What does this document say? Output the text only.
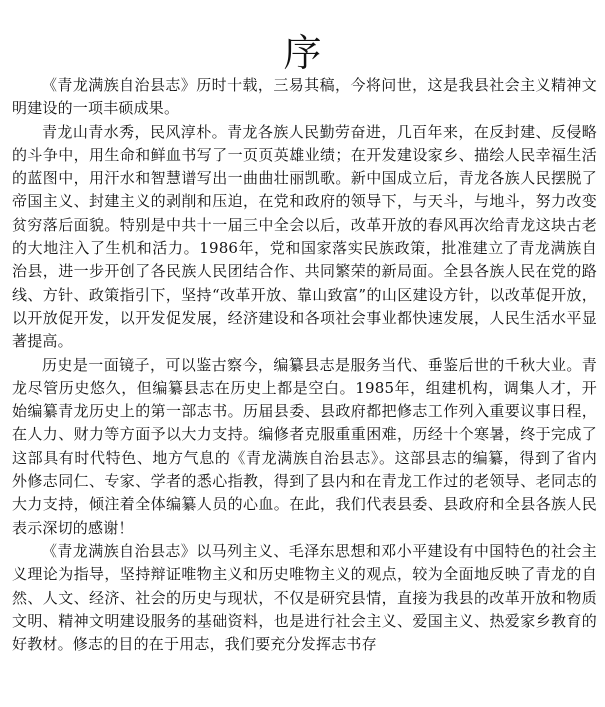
序

《青龙满族自治县志》历时十载，三易其稿，今将问世，这是我县社会主义精神文明建设的一项丰硕成果。

青龙山青水秀，民风淳朴。青龙各族人民勤劳奋进，几百年来，在反封建、反侵略的斗争中，用生命和鲜血书写了一页页英雄业绩；在开发建设家乡、描绘人民幸福生活的蓝图中，用汗水和智慧谱写出一曲曲壮丽凯歌。新中国成立后，青龙各族人民摆脱了帝国主义、封建主义的剥削和压迫，在党和政府的领导下，与天斗，与地斗，努力改变贫穷落后面貌。特别是中共十一届三中全会以后，改革开放的春风再次给青龙这块古老的大地注入了生机和活力。1986年，党和国家落实民族政策，批准建立了青龙满族自治县，进一步开创了各民族人民团结合作、共同繁荣的新局面。全县各族人民在党的路线、方针、政策指引下，坚持“改革开放、靠山致富”的山区建设方针，以改革促开放，以开放促开发，以开发促发展，经济建设和各项社会事业都快速发展，人民生活水平显著提高。

历史是一面镜子，可以鉴古察今，编纂县志是服务当代、垂鉴后世的千秋大业。青龙尽管历史悠久，但编纂县志在历史上都是空白。1985年，组建机构，调集人才，开始编纂青龙历史上的第一部志书。历届县委、县政府都把修志工作列入重要议事日程，在人力、财力等方面予以大力支持。编修者克服重重困难，历经十个寒暑，终于完成了这部具有时代特色、地方气息的《青龙满族自治县志》。这部县志的编纂，得到了省内外修志同仁、专家、学者的悉心指教，得到了县内和在青龙工作过的老领导、老同志的大力支持，倾注着全体编纂人员的心血。在此，我们代表县委、县政府和全县各族人民表示深切的感谢！

《青龙满族自治县志》以马列主义、毛泽东思想和邓小平建设有中国特色的社会主义理论为指导，坚持辩证唯物主义和历史唯物主义的观点，较为全面地反映了青龙的自然、人文、经济、社会的历史与现状，不仅是研究县情，直接为我县的改革开放和物质文明、精神文明建设服务的基础资料，也是进行社会主义、爱国主义、热爱家乡教育的好教材。修志的目的在于用志，我们要充分发挥志书存
